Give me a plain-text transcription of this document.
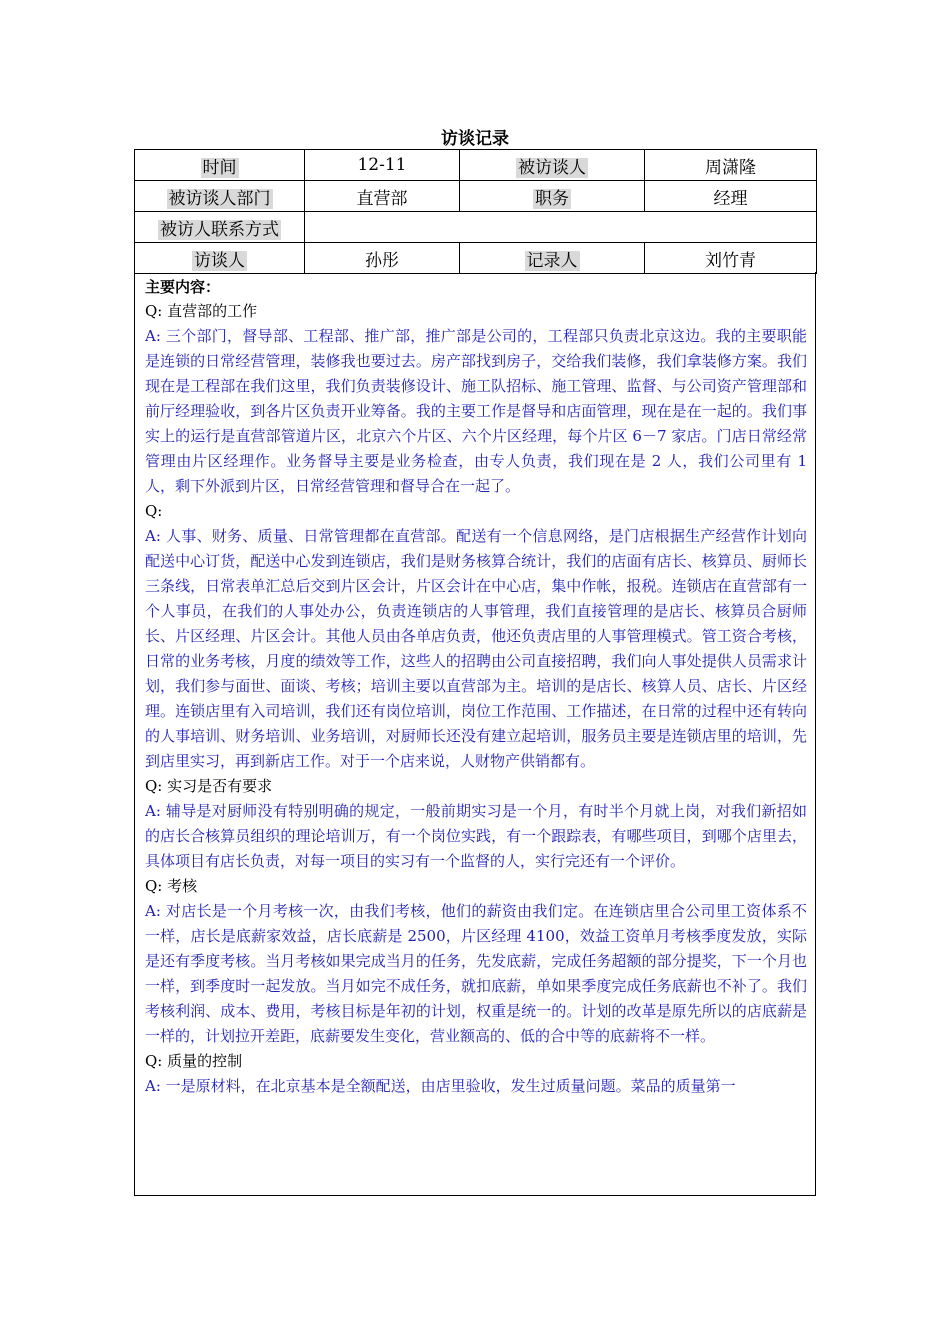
访谈记录
时间	12-11	被访谈人	周潇隆
被访谈人部门	直营部	职务	经理
被访人联系方式			
访谈人	孙彤	记录人	刘竹青
主要内容：
Q: 直营部的工作
A: 三个部门，督导部、工程部、推广部，推广部是公司的，工程部只负责北京这边。我的主要职能是连锁的日常经营管理，装修我也要过去。房产部找到房子，交给我们装修，我们拿装修方案。我们现在是工程部在我们这里，我们负责装修设计、施工队招标、施工管理、监督、与公司资产管理部和前厅经理验收，到各片区负责开业筹备。我的主要工作是督导和店面管理，现在是在一起的。我们事实上的运行是直营部管道片区，北京六个片区、六个片区经理，每个片区 6－7 家店。门店日常经常管理由片区经理作。业务督导主要是业务检查，由专人负责，我们现在是 2 人，我们公司里有 1 人，剩下外派到片区，日常经营管理和督导合在一起了。
Q:
A: 人事、财务、质量、日常管理都在直营部。配送有一个信息网络，是门店根据生产经营作计划向配送中心订货，配送中心发到连锁店，我们是财务核算合统计，我们的店面有店长、核算员、厨师长三条线，日常表单汇总后交到片区会计，片区会计在中心店，集中作帐，报税。连锁店在直营部有一个人事员，在我们的人事处办公，负责连锁店的人事管理，我们直接管理的是店长、核算员合厨师长、片区经理、片区会计。其他人员由各单店负责，他还负责店里的人事管理模式。管工资合考核，日常的业务考核，月度的绩效等工作，这些人的招聘由公司直接招聘，我们向人事处提供人员需求计划，我们参与面世、面谈、考核；培训主要以直营部为主。培训的是店长、核算人员、店长、片区经理。连锁店里有入司培训，我们还有岗位培训，岗位工作范围、工作描述，在日常的过程中还有转向的人事培训、财务培训、业务培训，对厨师长还没有建立起培训，服务员主要是连锁店里的培训，先到店里实习，再到新店工作。对于一个店来说，人财物产供销都有。
Q: 实习是否有要求
A: 辅导是对厨师没有特别明确的规定，一般前期实习是一个月，有时半个月就上岗，对我们新招如的店长合核算员组织的理论培训万，有一个岗位实践，有一个跟踪表，有哪些项目，到哪个店里去，具体项目有店长负责，对每一项目的实习有一个监督的人，实行完还有一个评价。
Q: 考核
A: 对店长是一个月考核一次，由我们考核，他们的薪资由我们定。在连锁店里合公司里工资体系不一样，店长是底薪家效益，店长底薪是 2500，片区经理 4100，效益工资单月考核季度发放，实际是还有季度考核。当月考核如果完成当月的任务，先发底薪，完成任务超额的部分提奖，下一个月也一样，到季度时一起发放。当月如完不成任务，就扣底薪，单如果季度完成任务底薪也不补了。我们考核利润、成本、费用，考核目标是年初的计划，权重是统一的。计划的改革是原先所以的店底薪是一样的，计划拉开差距，底薪要发生变化，营业额高的、低的合中等的底薪将不一样。
Q: 质量的控制
A: 一是原材料，在北京基本是全额配送，由店里验收，发生过质量问题。菜品的质量第一
